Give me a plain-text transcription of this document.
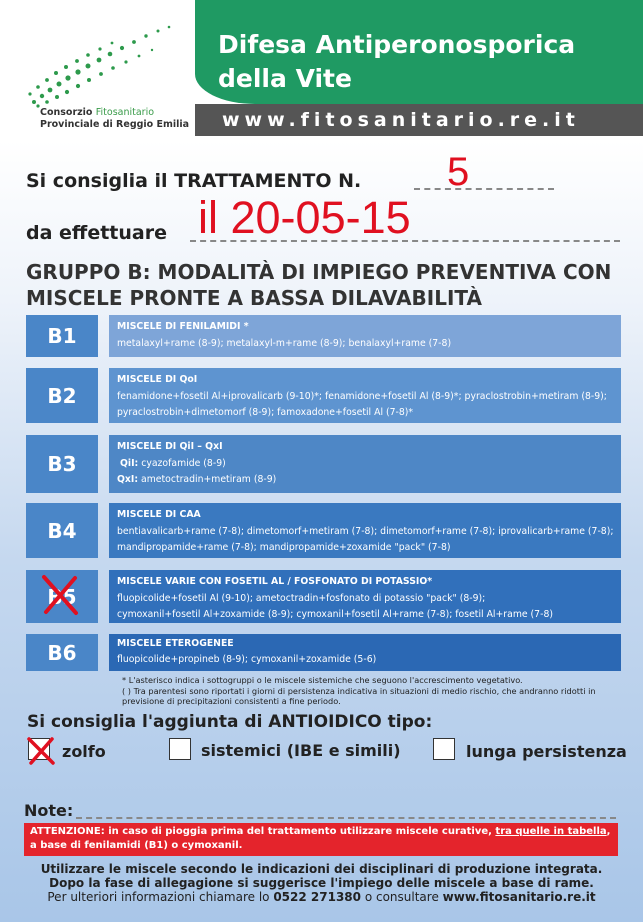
Consorzio Fitosanitario
Provinciale di Reggio Emilia
Difesa Antiperonosporica
della Vite
www.fitosanitario.re.it
Si consiglia il TRATTAMENTO N. 5
da effettuare il 20-05-15
GRUPPO B: MODALITÀ DI IMPIEGO PREVENTIVA CON
MISCELE PRONTE A BASSA DILAVABILITÀ
B1	MISCELE DI FENILAMIDI *
metalaxyl+rame (8-9); metalaxyl-m+rame (8-9); benalaxyl+rame (7-8)
B2
MISCELE DI QoI
fenamidone+fosetil Al+iprovalicarb (9-10)*; fenamidone+fosetil Al (8-9)*; pyraclostrobin+metiram (8-9);
pyraclostrobin+dimetomorf (8-9); famoxadone+fosetil Al (7-8)*
B3
MISCELE DI QiI – QxI
QiI: cyazofamide (8-9)
QxI: ametoctradin+metiram (8-9)
B4
MISCELE DI CAA
bentiavalicarb+rame (7-8); dimetomorf+metiram (7-8); dimetomorf+rame (7-8); iprovalicarb+rame (7-8);
mandipropamide+rame (7-8); mandipropamide+zoxamide "pack" (7-8)
B5
MISCELE VARIE CON FOSETIL AL / FOSFONATO DI POTASSIO*
fluopicolide+fosetil Al (9-10); ametoctradin+fosfonato di potassio "pack" (8-9);
cymoxanil+fosetil Al+zoxamide (8-9); cymoxanil+fosetil Al+rame (7-8); fosetil Al+rame (7-8)
B6	MISCELE ETEROGENEE
fluopicolide+propineb (8-9); cymoxanil+zoxamide (5-6)
* L'asterisco indica i sottogruppi o le miscele sistemiche che seguono l'accrescimento vegetativo.
( ) Tra parentesi sono riportati i giorni di persistenza indicativa in situazioni di medio rischio, che andranno ridotti in
previsione di precipitazioni consistenti a fine periodo.
Si consiglia l'aggiunta di ANTIOIDICO tipo:
zolfo	sistemici (IBE e simili)	lunga persistenza
Note:
ATTENZIONE: in caso di pioggia prima del trattamento utilizzare miscele curative, tra quelle in tabella,
a base di fenilamidi (B1) o cymoxanil.
Utilizzare le miscele secondo le indicazioni dei disciplinari di produzione integrata.
Dopo la fase di allegagione si suggerisce l'impiego delle miscele a base di rame.
Per ulteriori informazioni chiamare lo 0522 271380 o consultare www.fitosanitario.re.it
